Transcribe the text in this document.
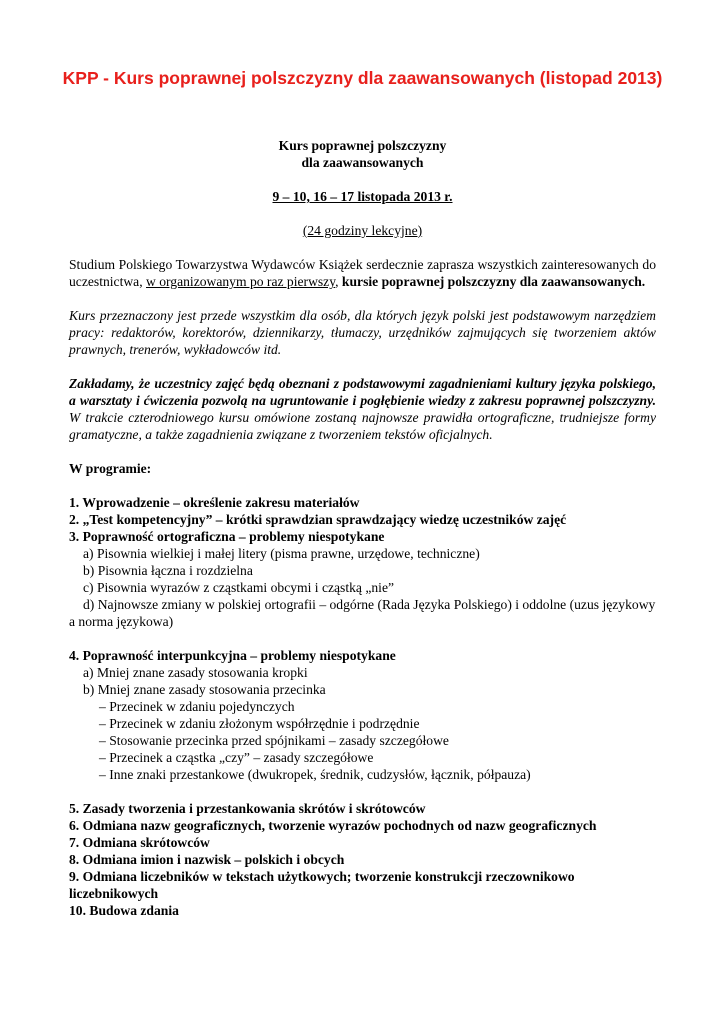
KPP - Kurs poprawnej polszczyzny dla zaawansowanych (listopad 2013)

Kurs poprawnej polszczyzny

dla zaawansowanych

9 – 10, 16 – 17 listopada 2013 r.

(24 godziny lekcyjne)

Studium Polskiego Towarzystwa Wydawców Książek serdecznie zaprasza wszystkich zainteresowanych do uczestnictwa, w organizowanym po raz pierwszy, kursie poprawnej polszczyzny dla zaawansowanych.

Kurs przeznaczony jest przede wszystkim dla osób, dla których język polski jest podstawowym narzędziem pracy: redaktorów, korektorów, dziennikarzy, tłumaczy, urzędników zajmujących się tworzeniem aktów prawnych, trenerów, wykładowców itd.

Zakładamy, że uczestnicy zajęć będą obeznani z podstawowymi zagadnieniami kultury języka polskiego, a warsztaty i ćwiczenia pozwolą na ugruntowanie i pogłębienie wiedzy z zakresu poprawnej polszczyzny. W trakcie czterodniowego kursu omówione zostaną najnowsze prawidła ortograficzne, trudniejsze formy gramatyczne, a także zagadnienia związane z tworzeniem tekstów oficjalnych.

W programie:

1. Wprowadzenie – określenie zakresu materiałów

2. „Test kompetencyjny” – krótki sprawdzian sprawdzający wiedzę uczestników zajęć

3. Poprawność ortograficzna – problemy niespotykane

a) Pisownia wielkiej i małej litery (pisma prawne, urzędowe, techniczne)

b) Pisownia łączna i rozdzielna

c) Pisownia wyrazów z cząstkami obcymi i cząstką „nie”

d) Najnowsze zmiany w polskiej ortografii – odgórne (Rada Języka Polskiego) i oddolne (uzus językowy a norma językowa)

4. Poprawność interpunkcyjna – problemy niespotykane

a) Mniej znane zasady stosowania kropki

b) Mniej znane zasady stosowania przecinka

– Przecinek w zdaniu pojedynczych

– Przecinek w zdaniu złożonym współrzędnie i podrzędnie

– Stosowanie przecinka przed spójnikami – zasady szczegółowe

– Przecinek a cząstka „czy” – zasady szczegółowe

– Inne znaki przestankowe (dwukropek, średnik, cudzysłów, łącznik, półpauza)

5. Zasady tworzenia i przestankowania skrótów i skrótowców

6. Odmiana nazw geograficznych, tworzenie wyrazów pochodnych od nazw geograficznych

7. Odmiana skrótowców

8. Odmiana imion i nazwisk – polskich i obcych

9. Odmiana liczebników w tekstach użytkowych; tworzenie konstrukcji rzeczownikowo liczebnikowych

10. Budowa zdania
